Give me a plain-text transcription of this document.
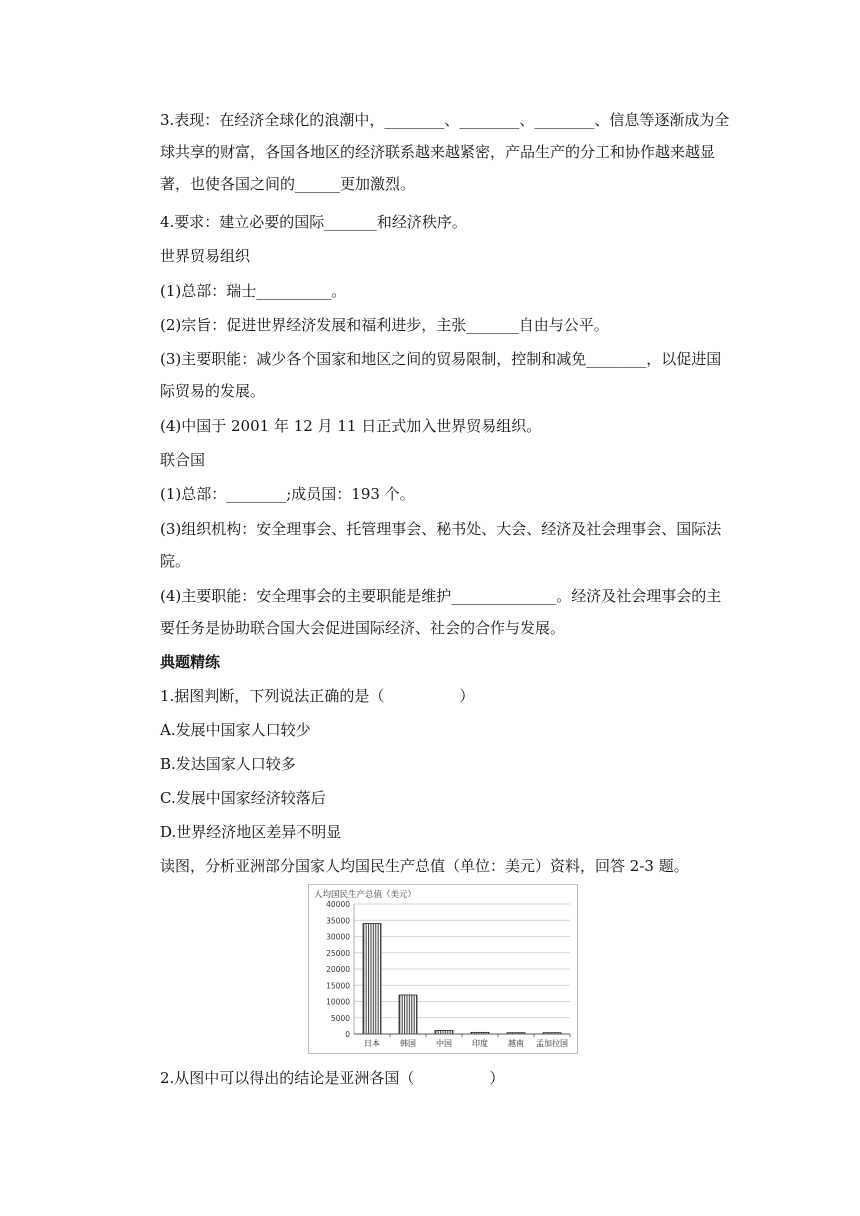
3.表现：在经济全球化的浪潮中，________、________、________、信息等逐渐成为全球共享的财富，各国各地区的经济联系越来越紧密，产品生产的分工和协作越来越显著，也使各国之间的______更加激烈。

4.要求：建立必要的国际_______和经济秩序。

世界贸易组织

(1)总部：瑞士__________。

(2)宗旨：促进世界经济发展和福利进步，主张_______自由与公平。

(3)主要职能：减少各个国家和地区之间的贸易限制，控制和减免________，以促进国际贸易的发展。

(4)中国于 2001 年 12 月 11 日正式加入世界贸易组织。

联合国

(1)总部：________;成员国：193 个。

(3)组织机构：安全理事会、托管理事会、秘书处、大会、经济及社会理事会、国际法院。

(4)主要职能：安全理事会的主要职能是维护______________。经济及社会理事会的主要任务是协助联合国大会促进国际经济、社会的合作与发展。

典题精练

1.据图判断，下列说法正确的是（　　　　　）

A.发展中国家人口较少

B.发达国家人口较多

C.发展中国家经济较落后

D.世界经济地区差异不明显

读图，分析亚洲部分国家人均国民生产总值（单位：美元）资料，回答 2-3 题。

人均国民生产总值（美元）
0
5000
10000
15000
20000
25000
30000
35000
40000
日本	韩国	中国	印度	越南 孟加拉国

2.从图中可以得出的结论是亚洲各国（　　　　　）
